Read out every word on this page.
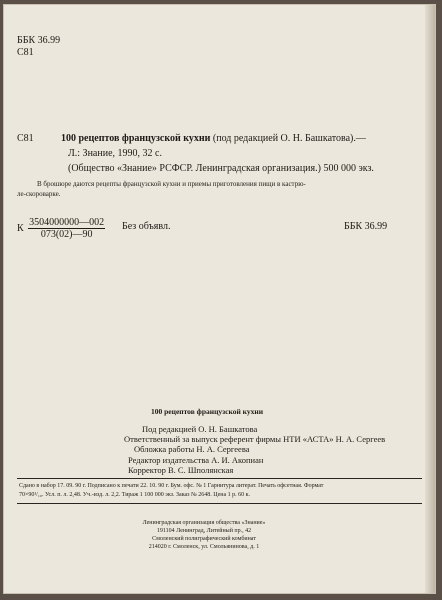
ББК 36.99
С81
С81	100 рецептов французской кухни (под редакцией О. Н. Башкатова).—
Л.: Знание, 1990, 32 с.
(Общество «Знание» РСФСР. Ленинградская организация.) 500 000 экз.
В брошюре даются рецепты французской кухни и приемы приготовления пищи в кастрю-
ле-скороварке.
К $\frac{3504000000—002}{073(02)—90}$ Без объявл.	ББК 36.99
100 рецептов французской кухни
Под редакцией О. Н. Башкатова
Ответственный за выпуск референт фирмы НТИ «АСТА» Н. А. Сергеев
Обложка работы Н. А. Сергеева
Редактор издательства А. И. Акопиан
Корректор В. С. Шполянская
Сдано в набор 17. 09. 90 г. Подписано к печати 22. 10. 90 г. Бум. офс. № 1 Гарнитура литерат. Печать офсетная. Формат
70×90¹/₁₆. Усл. п. л. 2,48. Уч.-изд. л. 2,2. Тираж 1 100 000 экз. Заказ № 2648. Цена 1 р. 60 к.
Ленинградская организация общества «Знание»
191104 Ленинград, Литейный пр., 42
Смоленский полиграфический комбинат
214020 г. Смоленск, ул. Смольянинова, д. 1
